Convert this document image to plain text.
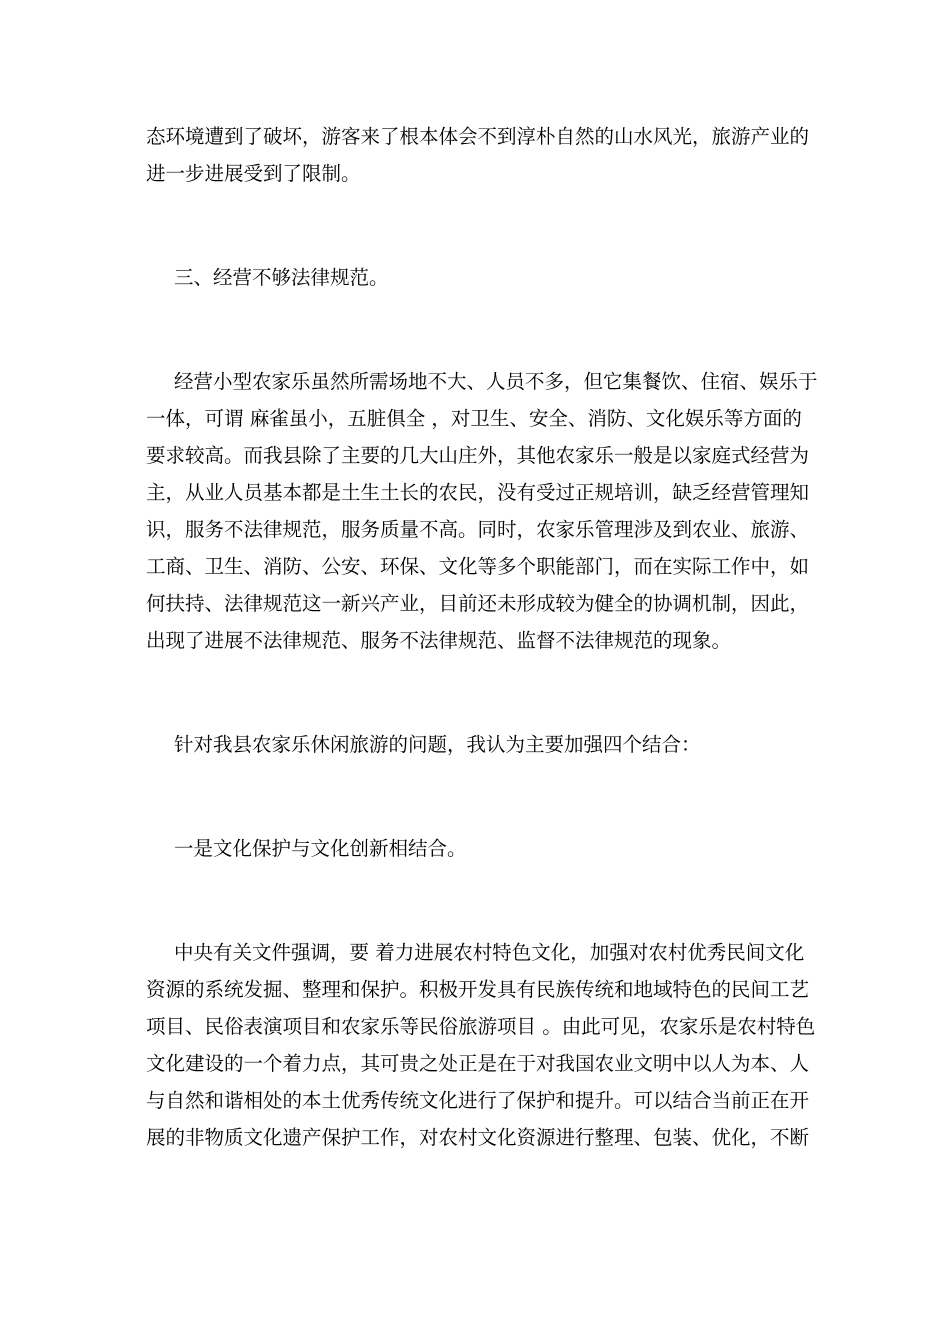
态环境遭到了破坏，游客来了根本体会不到淳朴自然的山水风光，旅游产业的
进一步进展受到了限制。
三、经营不够法律规范。
经营小型农家乐虽然所需场地不大、人员不多，但它集餐饮、住宿、娱乐于
一体，可谓 麻雀虽小，五脏俱全 ，对卫生、安全、消防、文化娱乐等方面的
要求较高。而我县除了主要的几大山庄外，其他农家乐一般是以家庭式经营为
主，从业人员基本都是土生土长的农民，没有受过正规培训，缺乏经营管理知
识，服务不法律规范，服务质量不高。同时，农家乐管理涉及到农业、旅游、
工商、卫生、消防、公安、环保、文化等多个职能部门，而在实际工作中，如
何扶持、法律规范这一新兴产业，目前还未形成较为健全的协调机制，因此，
出现了进展不法律规范、服务不法律规范、监督不法律规范的现象。
针对我县农家乐休闲旅游的问题，我认为主要加强四个结合：
一是文化保护与文化创新相结合。
中央有关文件强调，要 着力进展农村特色文化，加强对农村优秀民间文化
资源的系统发掘、整理和保护。积极开发具有民族传统和地域特色的民间工艺
项目、民俗表演项目和农家乐等民俗旅游项目 。由此可见，农家乐是农村特色
文化建设的一个着力点，其可贵之处正是在于对我国农业文明中以人为本、人
与自然和谐相处的本土优秀传统文化进行了保护和提升。可以结合当前正在开
展的非物质文化遗产保护工作，对农村文化资源进行整理、包装、优化，不断
